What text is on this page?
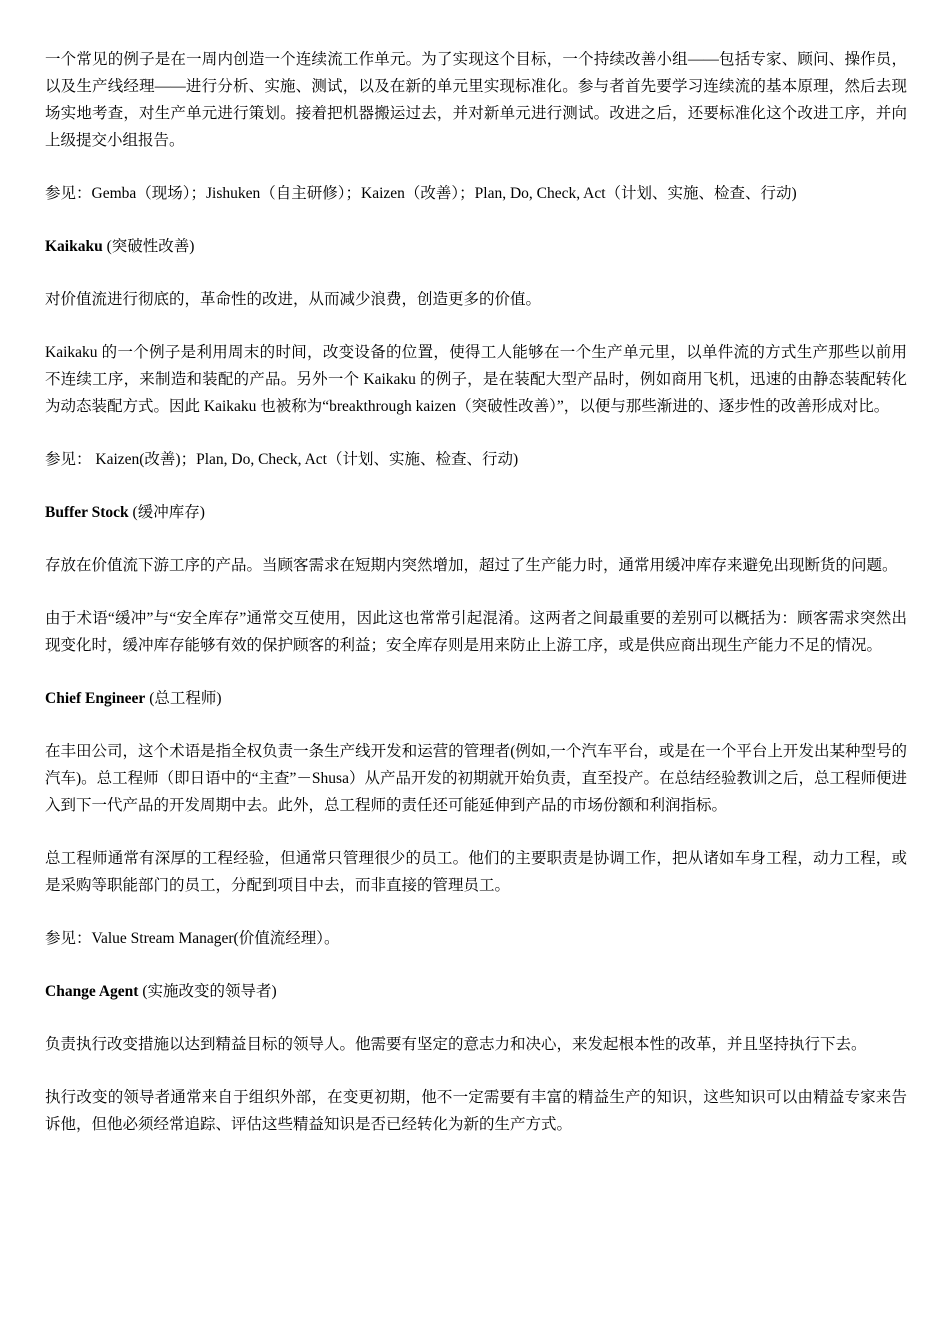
一个常见的例子是在一周内创造一个连续流工作单元。为了实现这个目标，一个持续改善小组——包括专家、顾问、操作员，以及生产线经理——进行分析、实施、测试，以及在新的单元里实现标准化。参与者首先要学习连续流的基本原理，然后去现场实地考查，对生产单元进行策划。接着把机器搬运过去，并对新单元进行测试。改进之后，还要标准化这个改进工序，并向上级提交小组报告。

参见：Gemba（现场）；Jishuken（自主研修）；Kaizen（改善）；Plan, Do, Check, Act（计划、实施、检查、行动)

Kaikaku (突破性改善)

对价值流进行彻底的，革命性的改进，从而减少浪费，创造更多的价值。

Kaikaku 的一个例子是利用周末的时间，改变设备的位置，使得工人能够在一个生产单元里，以单件流的方式生产那些以前用不连续工序，来制造和装配的产品。另外一个 Kaikaku 的例子，是在装配大型产品时，例如商用飞机，迅速的由静态装配转化为动态装配方式。因此 Kaikaku 也被称为“breakthrough kaizen（突破性改善）”，以便与那些渐进的、逐步性的改善形成对比。

参见： Kaizen(改善)；Plan, Do, Check, Act（计划、实施、检查、行动)

Buffer Stock (缓冲库存)

存放在价值流下游工序的产品。当顾客需求在短期内突然增加，超过了生产能力时，通常用缓冲库存来避免出现断货的问题。

由于术语“缓冲”与“安全库存”通常交互使用，因此这也常常引起混淆。这两者之间最重要的差别可以概括为：顾客需求突然出现变化时，缓冲库存能够有效的保护顾客的利益；安全库存则是用来防止上游工序，或是供应商出现生产能力不足的情况。

Chief Engineer (总工程师)

在丰田公司，这个术语是指全权负责一条生产线开发和运营的管理者(例如,一个汽车平台，或是在一个平台上开发出某种型号的汽车)。总工程师（即日语中的“主查”－Shusa）从产品开发的初期就开始负责，直至投产。在总结经验教训之后，总工程师便进入到下一代产品的开发周期中去。此外，总工程师的责任还可能延伸到产品的市场份额和利润指标。

总工程师通常有深厚的工程经验，但通常只管理很少的员工。他们的主要职责是协调工作，把从诸如车身工程，动力工程，或是采购等职能部门的员工，分配到项目中去，而非直接的管理员工。

参见：Value Stream Manager(价值流经理）。

Change Agent (实施改变的领导者)

负责执行改变措施以达到精益目标的领导人。他需要有坚定的意志力和决心，来发起根本性的改革，并且坚持执行下去。

执行改变的领导者通常来自于组织外部，在变更初期，他不一定需要有丰富的精益生产的知识，这些知识可以由精益专家来告诉他，但他必须经常追踪、评估这些精益知识是否已经转化为新的生产方式。
